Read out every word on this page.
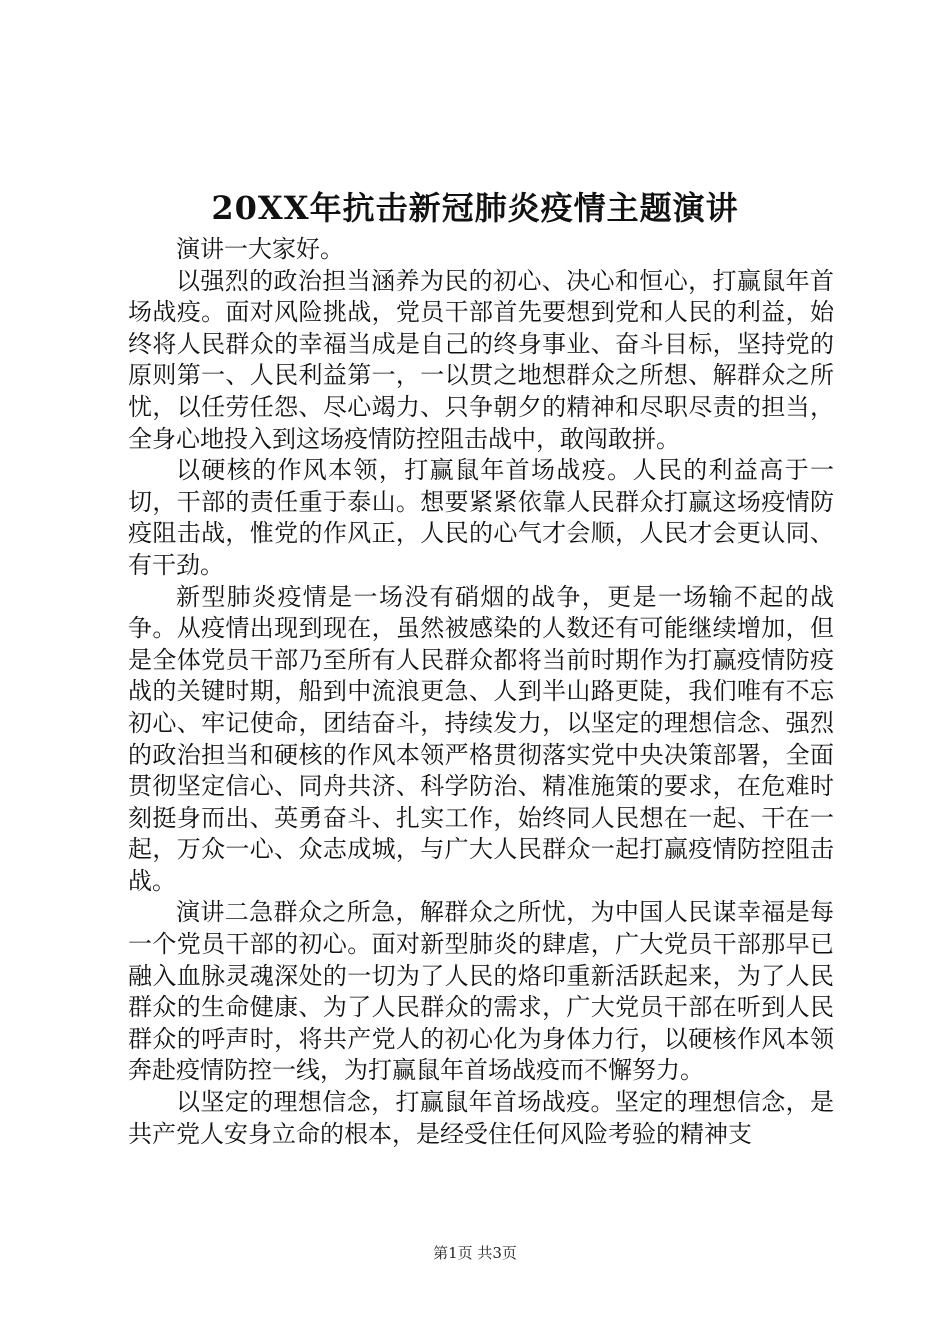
20XX年抗击新冠肺炎疫情主题演讲

演讲一大家好。

以强烈的政治担当涵养为民的初心、决心和恒心，打赢鼠年首场战疫。面对风险挑战，党员干部首先要想到党和人民的利益，始终将人民群众的幸福当成是自己的终身事业、奋斗目标，坚持党的原则第一、人民利益第一，一以贯之地想群众之所想、解群众之所忧，以任劳任怨、尽心竭力、只争朝夕的精神和尽职尽责的担当，全身心地投入到这场疫情防控阻击战中，敢闯敢拼。

以硬核的作风本领，打赢鼠年首场战疫。人民的利益高于一切，干部的责任重于泰山。想要紧紧依靠人民群众打赢这场疫情防疫阻击战，惟党的作风正，人民的心气才会顺，人民才会更认同、有干劲。

新型肺炎疫情是一场没有硝烟的战争，更是一场输不起的战争。从疫情出现到现在，虽然被感染的人数还有可能继续增加，但是全体党员干部乃至所有人民群众都将当前时期作为打赢疫情防疫战的关键时期，船到中流浪更急、人到半山路更陡，我们唯有不忘初心、牢记使命，团结奋斗，持续发力，以坚定的理想信念、强烈的政治担当和硬核的作风本领严格贯彻落实党中央决策部署，全面贯彻坚定信心、同舟共济、科学防治、精准施策的要求，在危难时刻挺身而出、英勇奋斗、扎实工作，始终同人民想在一起、干在一起，万众一心、众志成城，与广大人民群众一起打赢疫情防控阻击战。

演讲二急群众之所急，解群众之所忧，为中国人民谋幸福是每一个党员干部的初心。面对新型肺炎的肆虐，广大党员干部那早已融入血脉灵魂深处的一切为了人民的烙印重新活跃起来，为了人民群众的生命健康、为了人民群众的需求，广大党员干部在听到人民群众的呼声时，将共产党人的初心化为身体力行，以硬核作风本领奔赴疫情防控一线，为打赢鼠年首场战疫而不懈努力。

以坚定的理想信念，打赢鼠年首场战疫。坚定的理想信念，是共产党人安身立命的根本，是经受住任何风险考验的精神支

第1页 共3页
